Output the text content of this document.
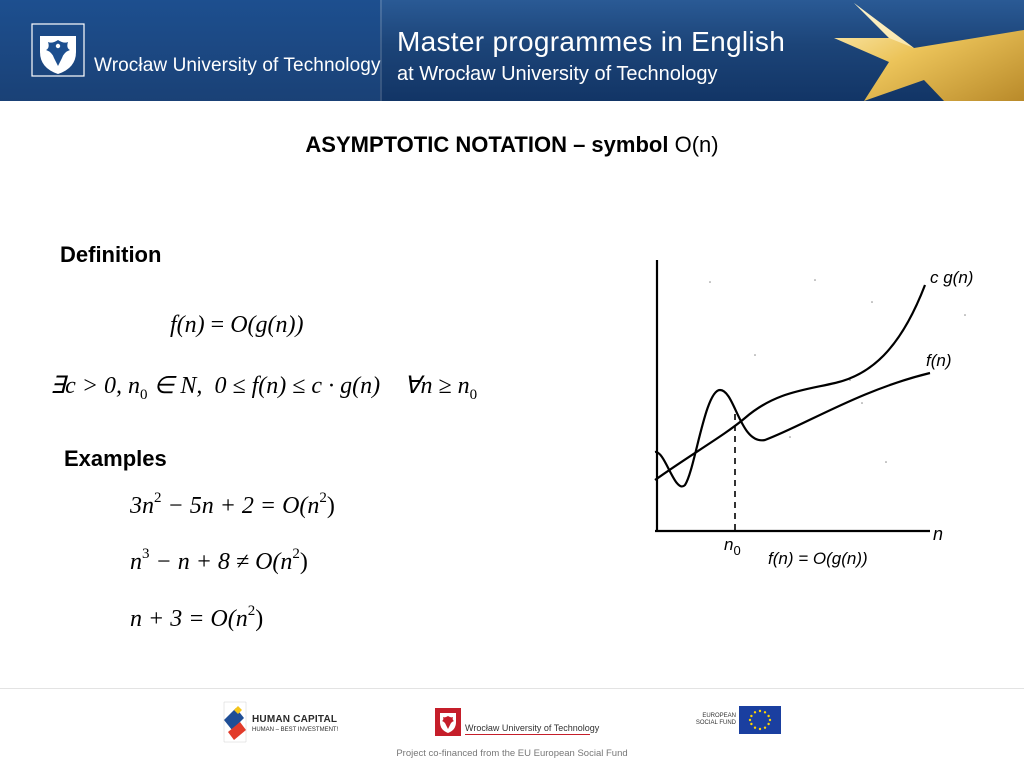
Wrocław University of Technology
Master programmes in English
at Wrocław University of Technology
ASYMPTOTIC NOTATION – symbol O(n)
Definition
f(n) = O(g(n))
∃c > 0, $n_0$ ∈ N, 0 ≤ f(n) ≤ c · g(n) ∀n ≥ $n_0$
Examples
$3n^2 - 5n + 2 = O(n^2)$
$n^3 - n + 8 \ne O(n^2)$
$n + 3 = O(n^2)$
c g(n)
f(n)
n
$n_0$ f(n) = O(g(n))
HUMAN CAPITAL
HUMAN – BEST INVESTMENT!	Wrocław University of Technology
EUROPEAN SOCIAL FUND
Project co-financed from the EU European Social Fund
